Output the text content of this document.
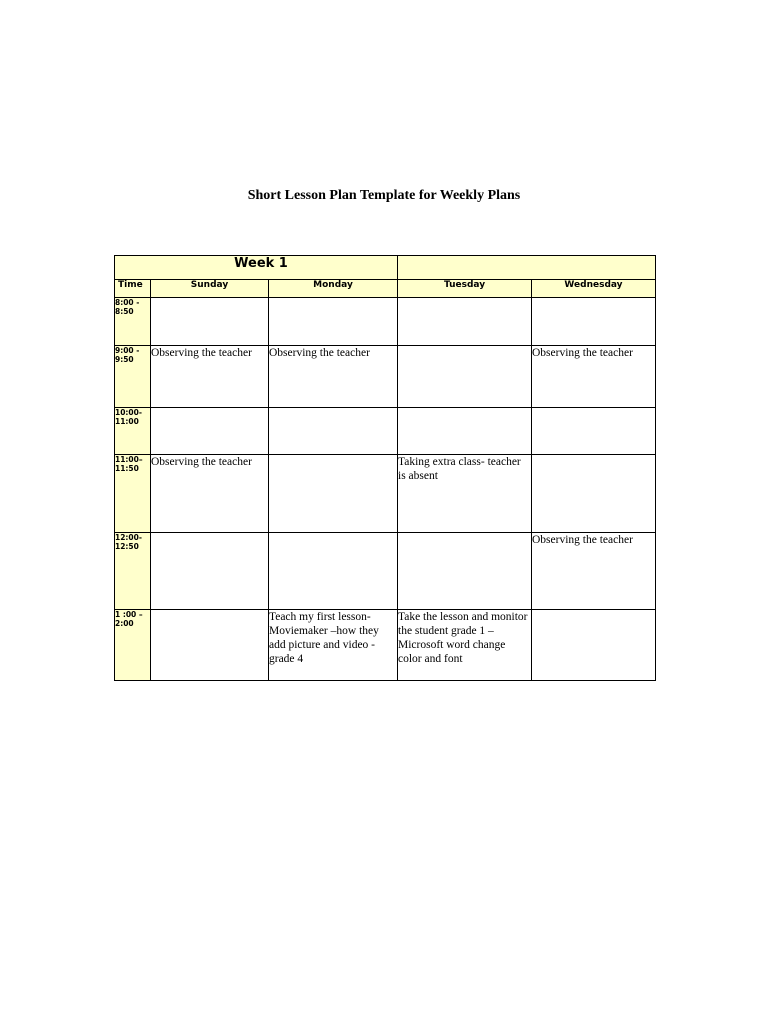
Short Lesson Plan Template for Weekly Plans
Week 1				
Time	Sunday	Monday	Tuesday	Wednesday
8:00 - 8:50				
9:00 - 9:50	Observing the teacher	Observing the teacher		Observing the teacher
10:00- 11:00				
11:00– 11:50	Observing the teacher		Taking extra class- teacher is absent	
12:00- 12:50				Observing the teacher
1 :00 – 2:00		Teach my first lesson- Moviemaker –how they add picture and video -grade 4	Take the lesson and monitor the student grade 1 – Microsoft word change color and font	
